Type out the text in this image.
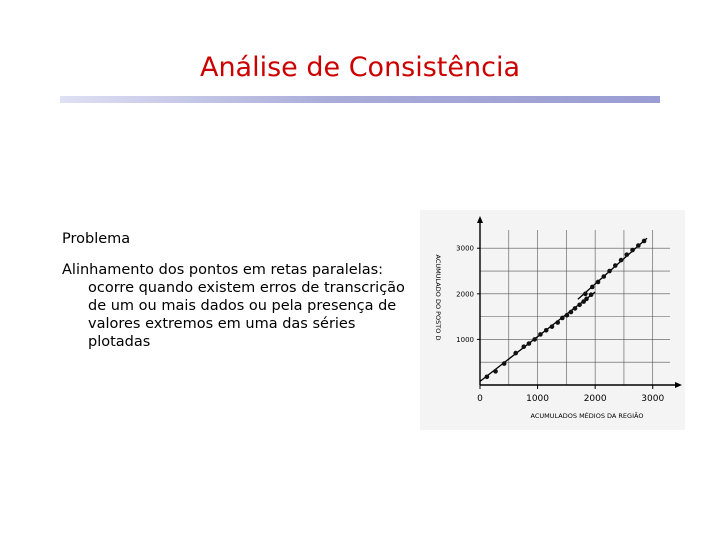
Análise de Consistência

Problema

Alinhamento dos pontos em retas paralelas: ocorre quando existem erros de transcrição de um ou mais dados ou pela presença de valores extremos em uma das séries plotadas

0	1000	2000	3000
1000
2000
3000
ACUMULADOS MÉDIOS DA REGIÃO
ACUMULADO DO POSTO D
